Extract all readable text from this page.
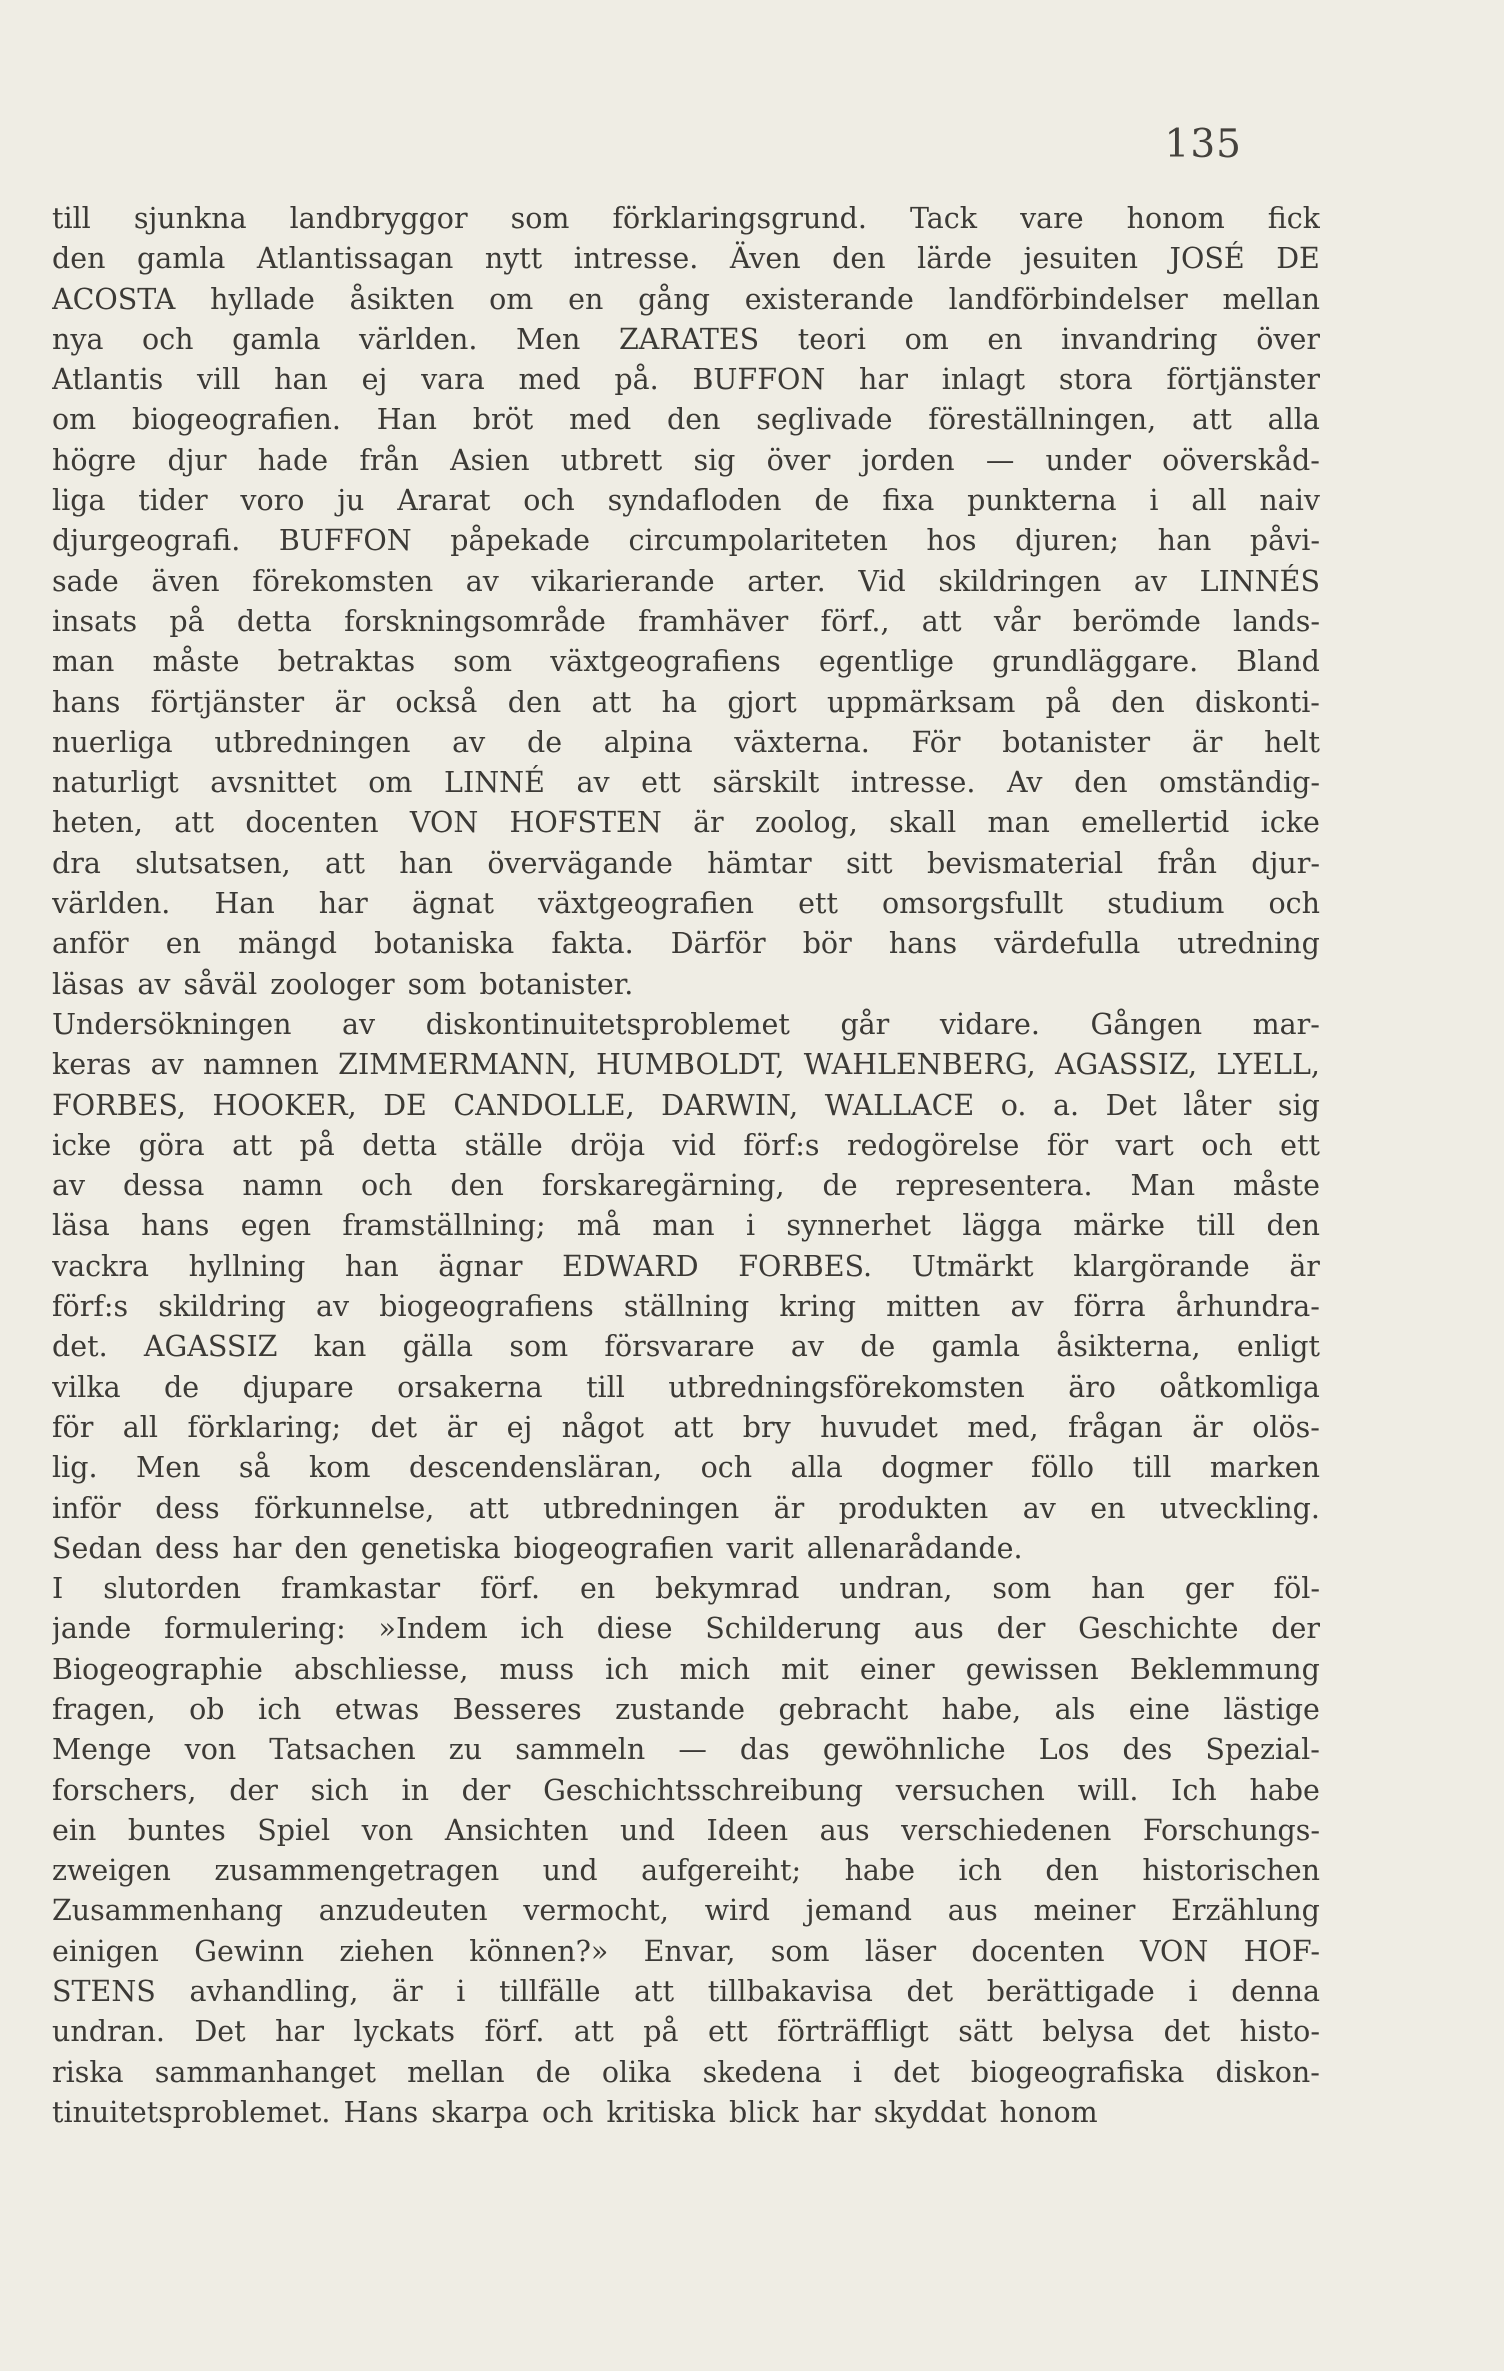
135
till sjunkna landbryggor som förklaringsgrund. Tack vare honom fick
den gamla Atlantissagan nytt intresse. Även den lärde jesuiten JOSÉ DE
ACOSTA hyllade åsikten om en gång existerande landförbindelser mellan
nya och gamla världen. Men ZARATES teori om en invandring över
Atlantis vill han ej vara med på. BUFFON har inlagt stora förtjänster
om biogeografien. Han bröt med den seglivade föreställningen, att alla
högre djur hade från Asien utbrett sig över jorden — under oöverskåd-
liga tider voro ju Ararat och syndafloden de fixa punkterna i all naiv
djurgeografi. BUFFON påpekade circumpolariteten hos djuren; han påvi-
sade även förekomsten av vikarierande arter. Vid skildringen av LINNÉS
insats på detta forskningsområde framhäver förf., att vår berömde lands-
man måste betraktas som växtgeografiens egentlige grundläggare. Bland
hans förtjänster är också den att ha gjort uppmärksam på den diskonti-
nuerliga utbredningen av de alpina växterna. För botanister är helt
naturligt avsnittet om LINNÉ av ett särskilt intresse. Av den omständig-
heten, att docenten VON HOFSTEN är zoolog, skall man emellertid icke
dra slutsatsen, att han övervägande hämtar sitt bevismaterial från djur-
världen. Han har ägnat växtgeografien ett omsorgsfullt studium och
anför en mängd botaniska fakta. Därför bör hans värdefulla utredning
läsas av såväl zoologer som botanister.
Undersökningen av diskontinuitetsproblemet går vidare. Gången mar-
keras av namnen ZIMMERMANN, HUMBOLDT, WAHLENBERG, AGASSIZ, LYELL,
FORBES, HOOKER, DE CANDOLLE, DARWIN, WALLACE o. a. Det låter sig
icke göra att på detta ställe dröja vid förf:s redogörelse för vart och ett
av dessa namn och den forskaregärning, de representera. Man måste
läsa hans egen framställning; må man i synnerhet lägga märke till den
vackra hyllning han ägnar EDWARD FORBES. Utmärkt klargörande är
förf:s skildring av biogeografiens ställning kring mitten av förra århundra-
det. AGASSIZ kan gälla som försvarare av de gamla åsikterna, enligt
vilka de djupare orsakerna till utbredningsförekomsten äro oåtkomliga
för all förklaring; det är ej något att bry huvudet med, frågan är olös-
lig. Men så kom descendensläran, och alla dogmer föllo till marken
inför dess förkunnelse, att utbredningen är produkten av en utveckling.
Sedan dess har den genetiska biogeografien varit allenarådande.
I slutorden framkastar förf. en bekymrad undran, som han ger föl-
jande formulering: »Indem ich diese Schilderung aus der Geschichte der
Biogeographie abschliesse, muss ich mich mit einer gewissen Beklemmung
fragen, ob ich etwas Besseres zustande gebracht habe, als eine lästige
Menge von Tatsachen zu sammeln — das gewöhnliche Los des Spezial-
forschers, der sich in der Geschichtsschreibung versuchen will. Ich habe
ein buntes Spiel von Ansichten und Ideen aus verschiedenen Forschungs-
zweigen zusammengetragen und aufgereiht; habe ich den historischen
Zusammenhang anzudeuten vermocht, wird jemand aus meiner Erzählung
einigen Gewinn ziehen können?» Envar, som läser docenten VON HOF-
STENS avhandling, är i tillfälle att tillbakavisa det berättigade i denna
undran. Det har lyckats förf. att på ett förträffligt sätt belysa det histo-
riska sammanhanget mellan de olika skedena i det biogeografiska diskon-
tinuitetsproblemet. Hans skarpa och kritiska blick har skyddat honom
